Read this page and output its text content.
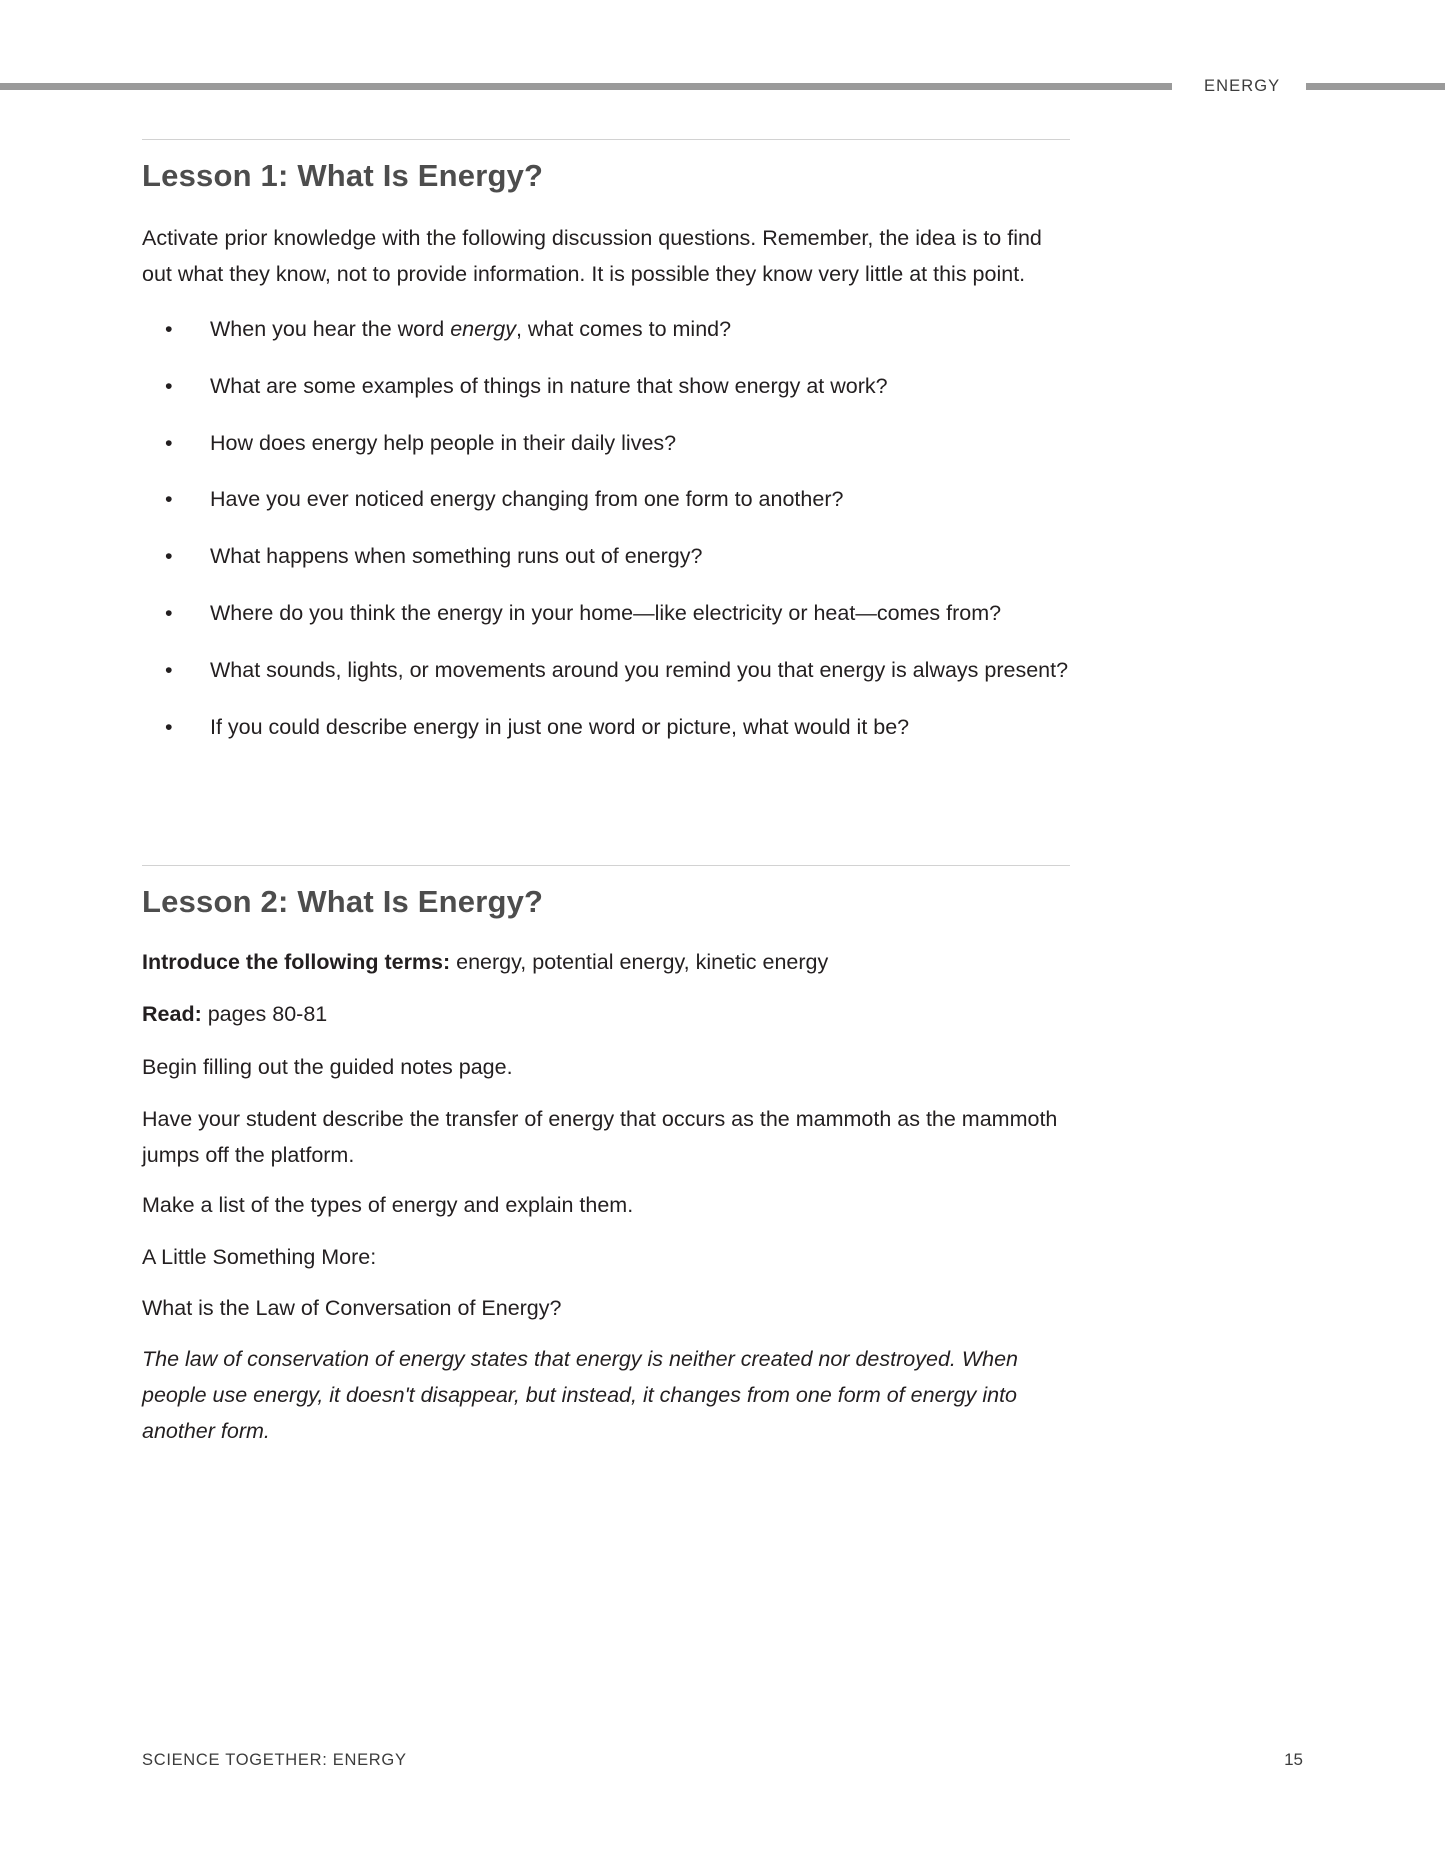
ENERGY
Lesson 1: What Is Energy?

Activate prior knowledge with the following discussion questions. Remember, the idea is to find out what they know, not to provide information. It is possible they know very little at this point.

• When you hear the word energy, what comes to mind?
• What are some examples of things in nature that show energy at work?
• How does energy help people in their daily lives?
• Have you ever noticed energy changing from one form to another?
• What happens when something runs out of energy?
• Where do you think the energy in your home—like electricity or heat—comes from?
• What sounds, lights, or movements around you remind you that energy is always present?
• If you could describe energy in just one word or picture, what would it be?
Lesson 2: What Is Energy?

Introduce the following terms: energy, potential energy, kinetic energy

Read: pages 80-81

Begin filling out the guided notes page.

Have your student describe the transfer of energy that occurs as the mammoth as the mammoth jumps off the platform.

Make a list of the types of energy and explain them.

A Little Something More:

What is the Law of Conversation of Energy?

The law of conservation of energy states that energy is neither created nor destroyed. When people use energy, it doesn't disappear, but instead, it changes from one form of energy into another form.

SCIENCE TOGETHER: ENERGY	15
